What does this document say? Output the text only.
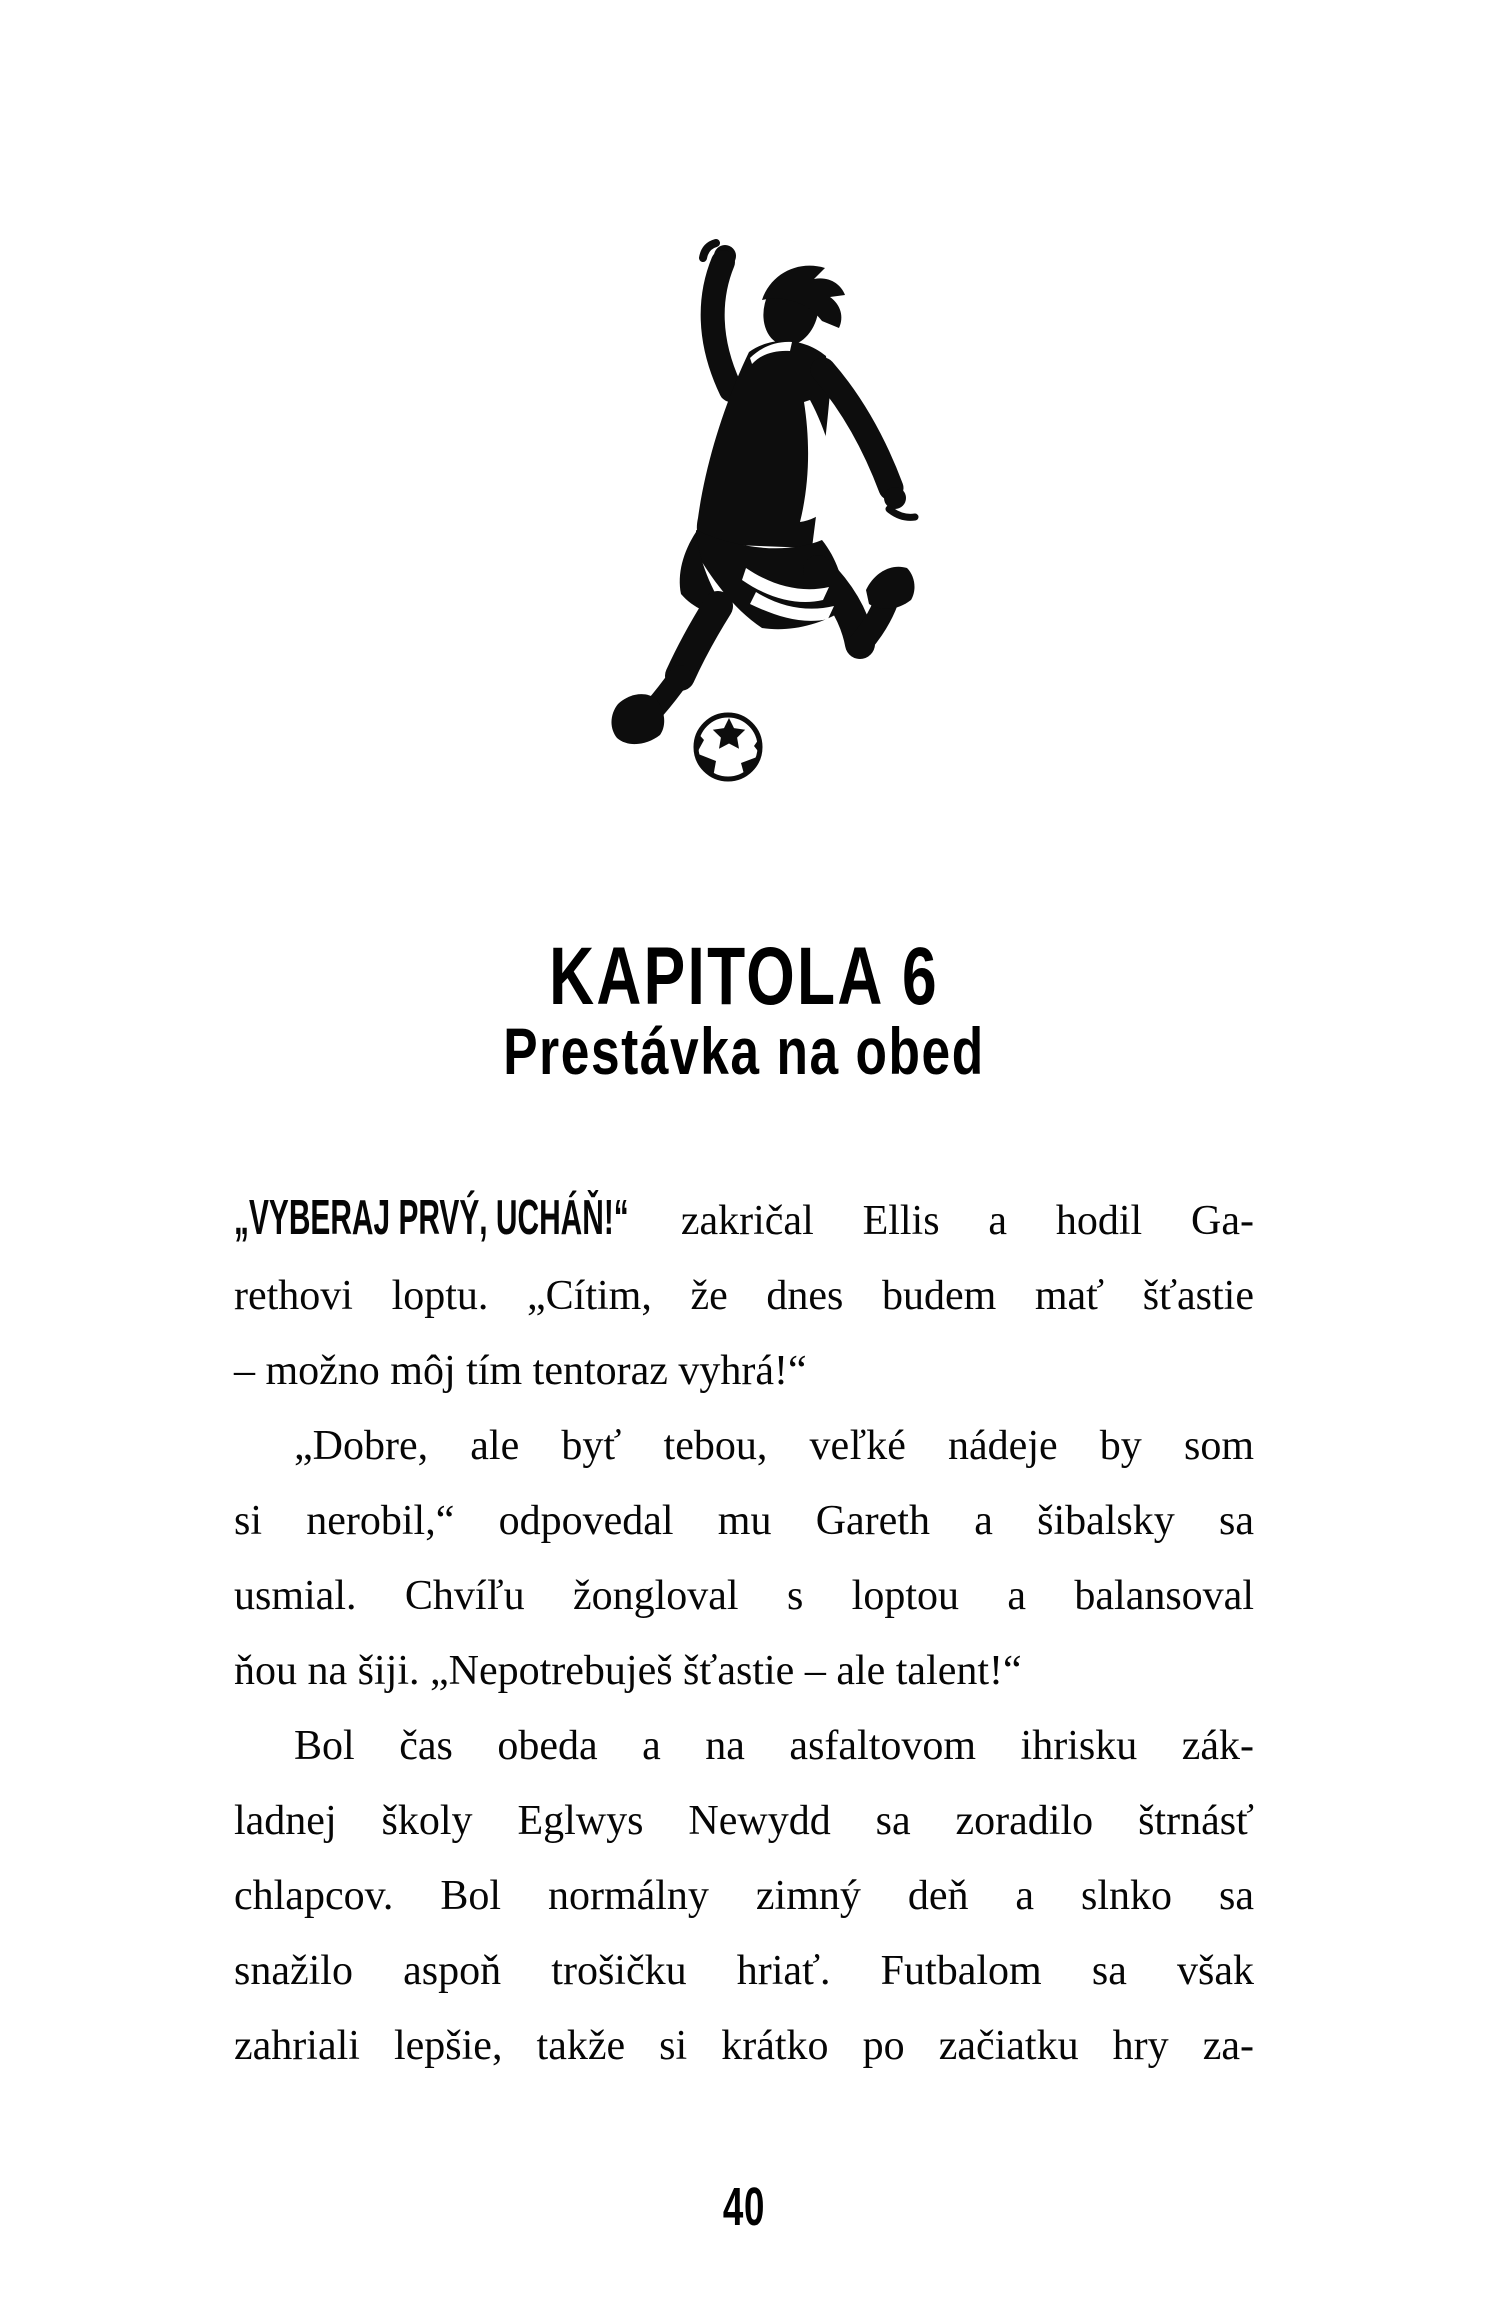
KAPITOLA 6
Prestávka na obed
„VYBERAJ PRVÝ, UCHÁŇ!“ zakričal Ellis a hodil Ga-
rethovi loptu. „Cítim, že dnes budem mať šťastie
– možno môj tím tentoraz vyhrá!“
„Dobre, ale byť tebou, veľké nádeje by som
si nerobil,“ odpovedal mu Gareth a šibalsky sa
usmial. Chvíľu žongloval s loptou a balansoval
ňou na šiji. „Nepotrebuješ šťastie – ale talent!“
Bol čas obeda a na asfaltovom ihrisku zák-
ladnej školy Eglwys Newydd sa zoradilo štrnásť
chlapcov. Bol normálny zimný deň a slnko sa
snažilo aspoň trošičku hriať. Futbalom sa však
zahriali lepšie, takže si krátko po začiatku hry za-
40
